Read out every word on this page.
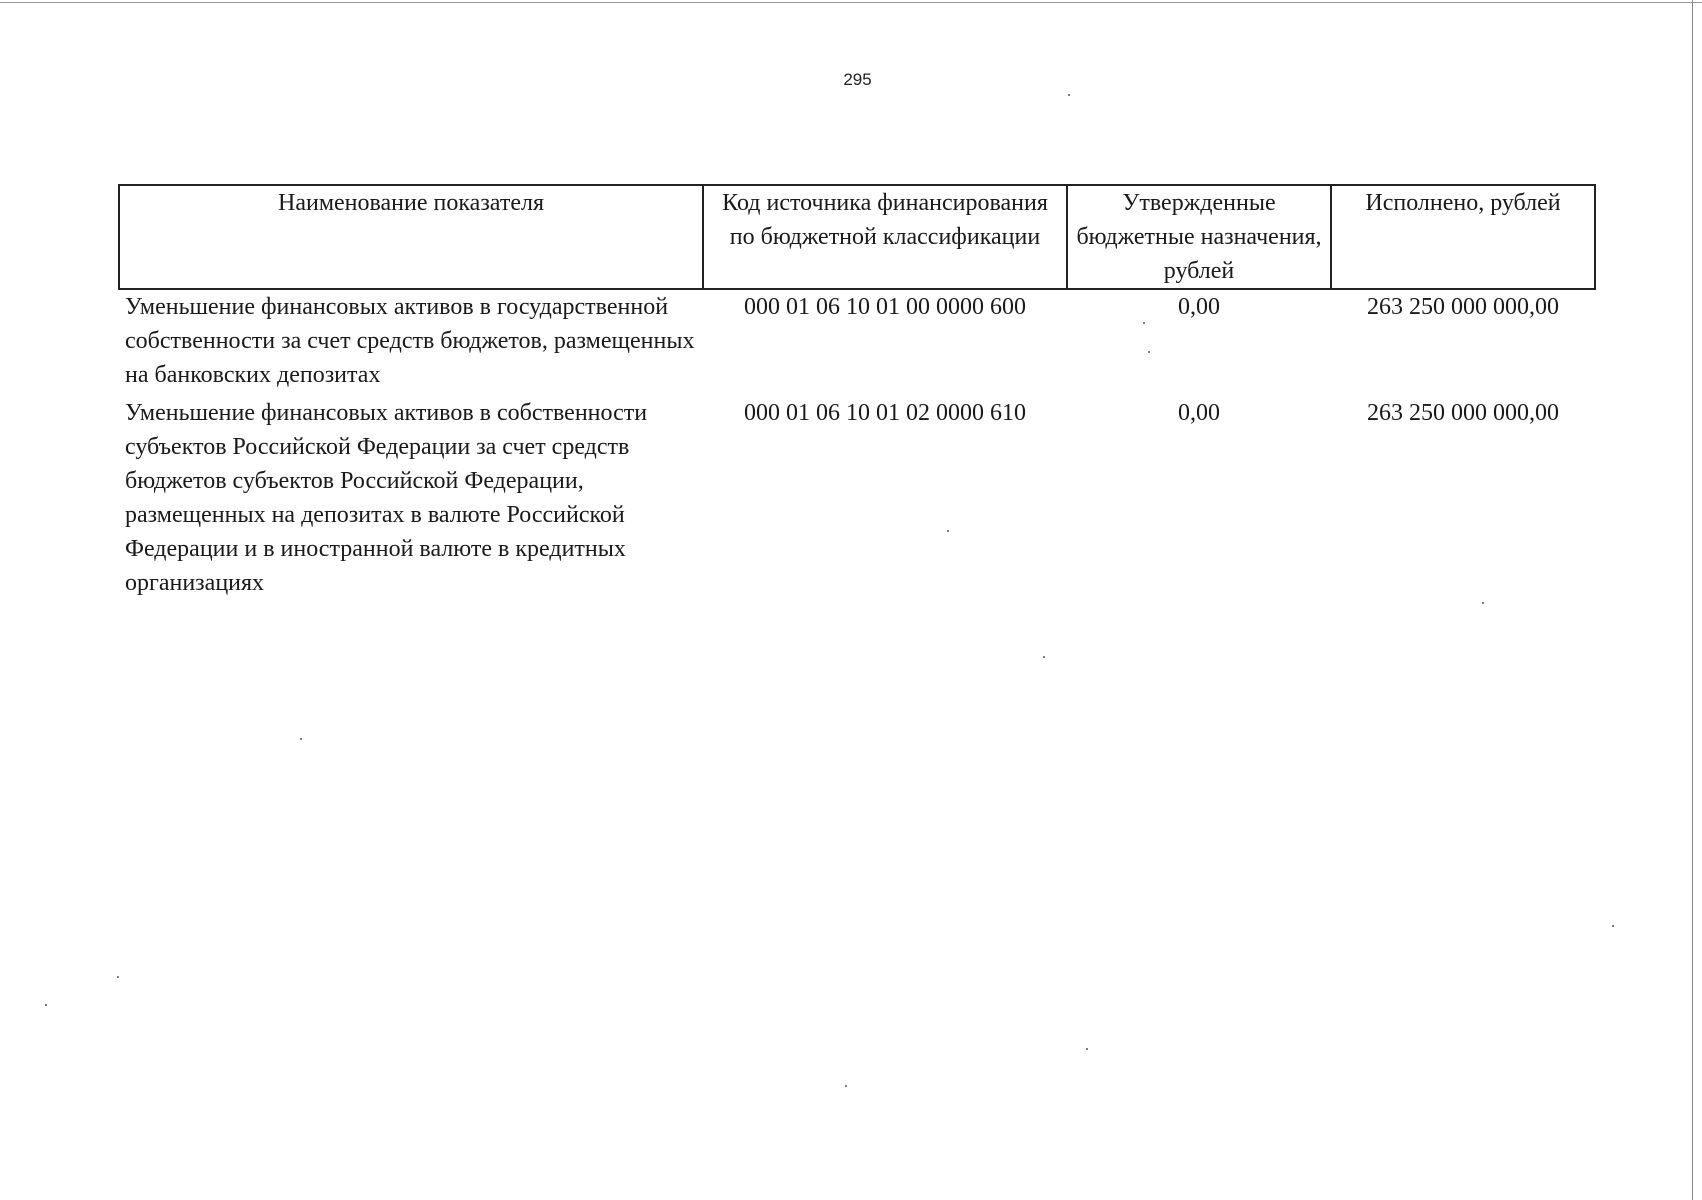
295
Наименование показателя	Код источника финансирования по бюджетной классификации	Утвержденные бюджетные назначения, рублей	Исполнено, рублей
Уменьшение финансовых активов в государственной собственности за счет средств бюджетов, размещенных на банковских депозитах	000 01 06 10 01 00 0000 600	0,00	263 250 000 000,00
Уменьшение финансовых активов в собственности субъектов Российской Федерации за счет средств бюджетов субъектов Российской Федерации, размещенных на депозитах в валюте Российской Федерации и в иностранной валюте в кредитных организациях	000 01 06 10 01 02 0000 610	0,00	263 250 000 000,00
